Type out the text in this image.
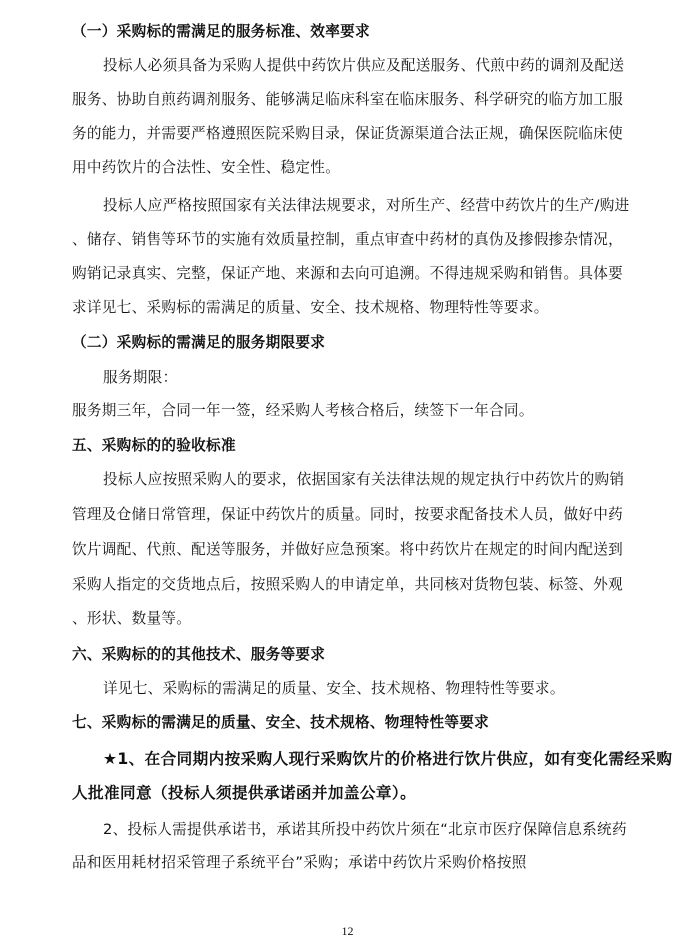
（一）采购标的需满足的服务标准、效率要求
投标人必须具备为采购人提供中药饮片供应及配送服务、代煎中药的调剂及配送
服务、协助自煎药调剂服务、能够满足临床科室在临床服务、科学研究的临方加工服
务的能力，并需要严格遵照医院采购目录，保证货源渠道合法正规，确保医院临床使
用中药饮片的合法性、安全性、稳定性。
投标人应严格按照国家有关法律法规要求，对所生产、经营中药饮片的生产/购进
、储存、销售等环节的实施有效质量控制，重点审查中药材的真伪及掺假掺杂情况，
购销记录真实、完整，保证产地、来源和去向可追溯。不得违规采购和销售。具体要
求详见七、采购标的需满足的质量、安全、技术规格、物理特性等要求。
（二）采购标的需满足的服务期限要求
服务期限：
服务期三年，合同一年一签，经采购人考核合格后，续签下一年合同。
五、采购标的的验收标准
投标人应按照采购人的要求，依据国家有关法律法规的规定执行中药饮片的购销
管理及仓储日常管理，保证中药饮片的质量。同时，按要求配备技术人员，做好中药
饮片调配、代煎、配送等服务，并做好应急预案。将中药饮片在规定的时间内配送到
采购人指定的交货地点后，按照采购人的申请定单，共同核对货物包装、标签、外观
、形状、数量等。
六、采购标的的其他技术、服务等要求
详见七、采购标的需满足的质量、安全、技术规格、物理特性等要求。
七、采购标的需满足的质量、安全、技术规格、物理特性等要求
★1、在合同期内按采购人现行采购饮片的价格进行饮片供应，如有变化需经采购
人批准同意（投标人须提供承诺函并加盖公章）。
2、投标人需提供承诺书，承诺其所投中药饮片须在“北京市医疗保障信息系统药
品和医用耗材招采管理子系统平台”采购；承诺中药饮片采购价格按照
12
